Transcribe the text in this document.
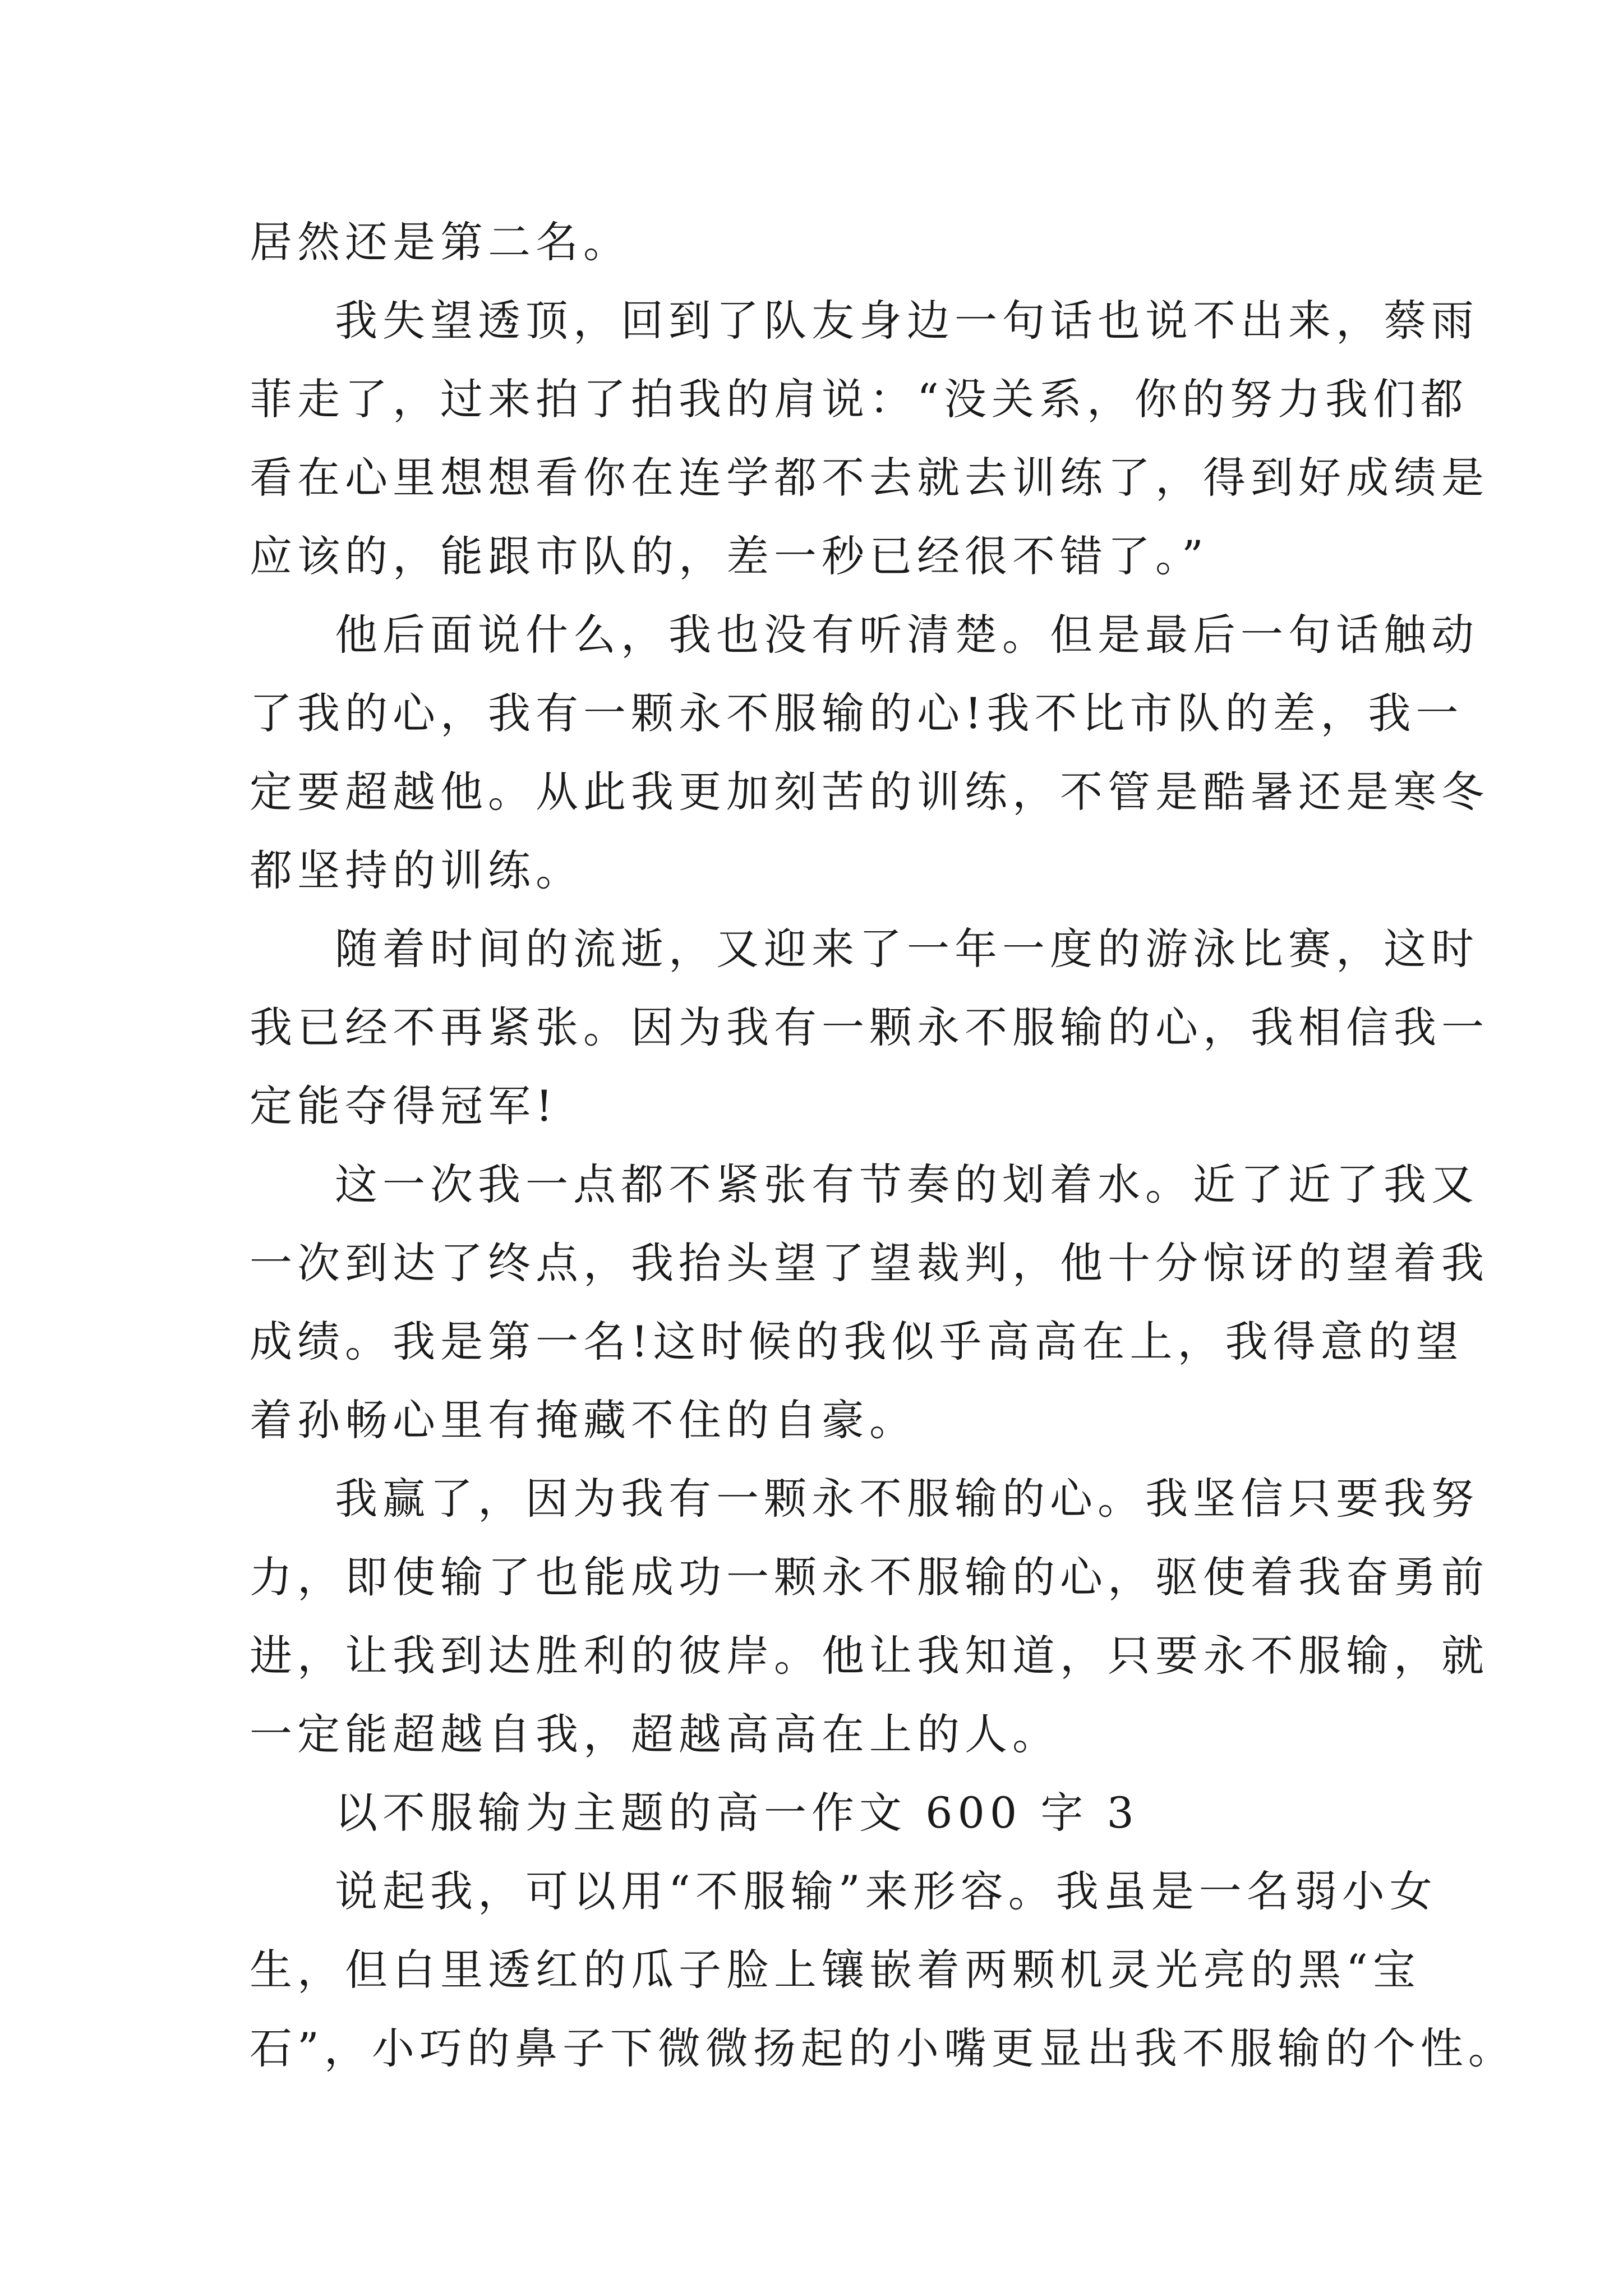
居然还是第二名。
我失望透顶，回到了队友身边一句话也说不出来，蔡雨
菲走了，过来拍了拍我的肩说：“没关系，你的努力我们都
看在心里想想看你在连学都不去就去训练了，得到好成绩是
应该的，能跟市队的，差一秒已经很不错了。”
他后面说什么，我也没有听清楚。但是最后一句话触动
了我的心，我有一颗永不服输的心!我不比市队的差，我一
定要超越他。从此我更加刻苦的训练，不管是酷暑还是寒冬
都坚持的训练。
随着时间的流逝，又迎来了一年一度的游泳比赛，这时
我已经不再紧张。因为我有一颗永不服输的心，我相信我一
定能夺得冠军!
这一次我一点都不紧张有节奏的划着水。近了近了我又
一次到达了终点，我抬头望了望裁判，他十分惊讶的望着我
成绩。我是第一名!这时候的我似乎高高在上，我得意的望
着孙畅心里有掩藏不住的自豪。
我赢了，因为我有一颗永不服输的心。我坚信只要我努
力，即使输了也能成功一颗永不服输的心，驱使着我奋勇前
进，让我到达胜利的彼岸。他让我知道，只要永不服输，就
一定能超越自我，超越高高在上的人。
以不服输为主题的高一作文 600 字 3
说起我，可以用“不服输”来形容。我虽是一名弱小女
生，但白里透红的瓜子脸上镶嵌着两颗机灵光亮的黑“宝
石”，小巧的鼻子下微微扬起的小嘴更显出我不服输的个性。
